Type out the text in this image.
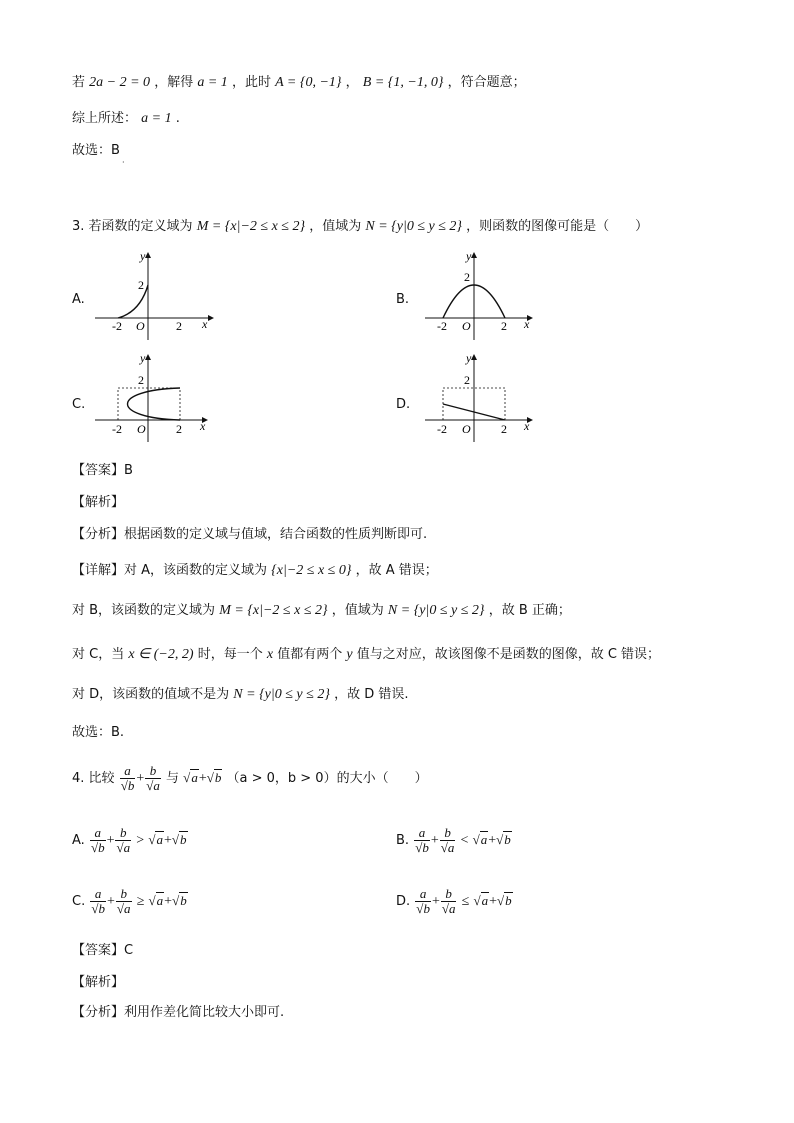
若 2a − 2 = 0 ，解得 a = 1 ，此时 A = {0, −1} ， B = {1, −1, 0} ，符合题意；
综上所述： a = 1 .
故选：B
·
3. 若函数的定义域为 M = {x|−2 ≤ x ≤ 2} ，值域为 N = {y|0 ≤ y ≤ 2} ，则函数的图像可能是（　　）
A.
y
x
O
-2	2
2
B.
y
x
O
-2	2
2
C.
y
x
O
-2	2
2
D.
y
x
O
-2	2
2
【答案】B
【解析】
【分析】根据函数的定义域与值域，结合函数的性质判断即可.
【详解】对 A，该函数的定义域为 {x|−2 ≤ x ≤ 0} ，故 A 错误；
对 B，该函数的定义域为 M = {x|−2 ≤ x ≤ 2} ，值域为 N = {y|0 ≤ y ≤ 2} ，故 B 正确；
对 C，当 x ∈ (−2, 2) 时，每一个 x 值都有两个 y 值与之对应，故该图像不是函数的图像，故 C 错误；
对 D，该函数的值域不是为 N = {y|0 ≤ y ≤ 2} ，故 D 错误.
故选：B.
4. 比较 $\frac{a}{√b} + \frac{b}{√a}$ 与 √a+√b （a > 0，b > 0）的大小（　　）
A. $\frac{a}{√b} + \frac{b}{√a} > √a+√b$	B. $\frac{a}{√b} + \frac{b}{√a} < √a+√b$
C. $\frac{a}{√b} + \frac{b}{√a} \ge √a+√b$	D. $\frac{a}{√b} + \frac{b}{√a} \le √a+√b$
【答案】C
【解析】
【分析】利用作差化简比较大小即可.
